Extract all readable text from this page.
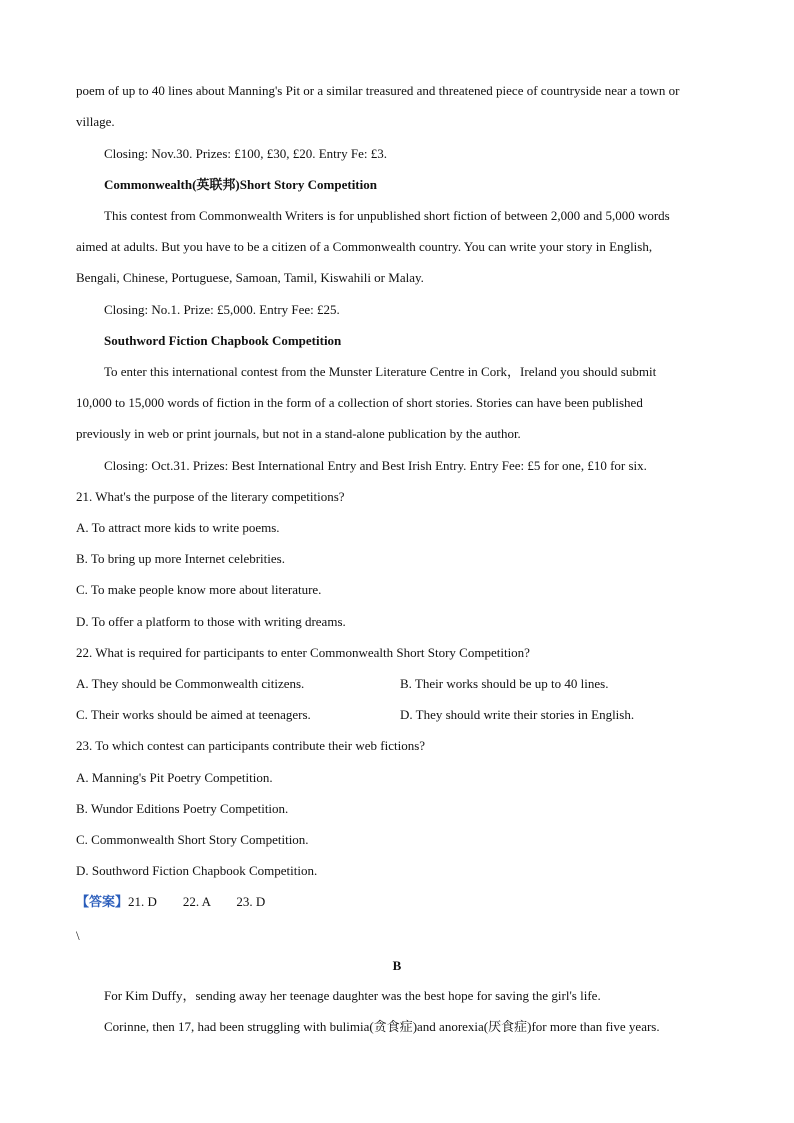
poem of up to 40 lines about Manning's Pit or a similar treasured and threatened piece of countryside near a town or
village.
Closing: Nov.30. Prizes: £100, £30, £20. Entry Fe: £3.
Commonwealth(英联邦)Short Story Competition
This contest from Commonwealth Writers is for unpublished short fiction of between 2,000 and 5,000 words
aimed at adults. But you have to be a citizen of a Commonwealth country. You can write your story in English,
Bengali, Chinese, Portuguese, Samoan, Tamil, Kiswahili or Malay.
Closing: No.1. Prize: £5,000. Entry Fee: £25.
Southword Fiction Chapbook Competition
To enter this international contest from the Munster Literature Centre in Cork，Ireland you should submit
10,000 to 15,000 words of fiction in the form of a collection of short stories. Stories can have been published
previously in web or print journals, but not in a stand-alone publication by the author.
Closing: Oct.31. Prizes: Best International Entry and Best Irish Entry. Entry Fee: £5 for one, £10 for six.
21. What's the purpose of the literary competitions?
A. To attract more kids to write poems.
B. To bring up more Internet celebrities.
C. To make people know more about literature.
D. To offer a platform to those with writing dreams.
22. What is required for participants to enter Commonwealth Short Story Competition?
A. They should be Commonwealth citizens.	B. Their works should be up to 40 lines.
C. Their works should be aimed at teenagers.	D. They should write their stories in English.
23. To which contest can participants contribute their web fictions?
A. Manning's Pit Poetry Competition.
B. Wundor Editions Poetry Competition.
C. Commonwealth Short Story Competition.
D. Southword Fiction Chapbook Competition.
【答案】21. D        22. A        23. D
\
B
For Kim Duffy，sending away her teenage daughter was the best hope for saving the girl's life.
Corinne, then 17, had been struggling with bulimia(贪食症)and anorexia(厌食症)for more than five years.
